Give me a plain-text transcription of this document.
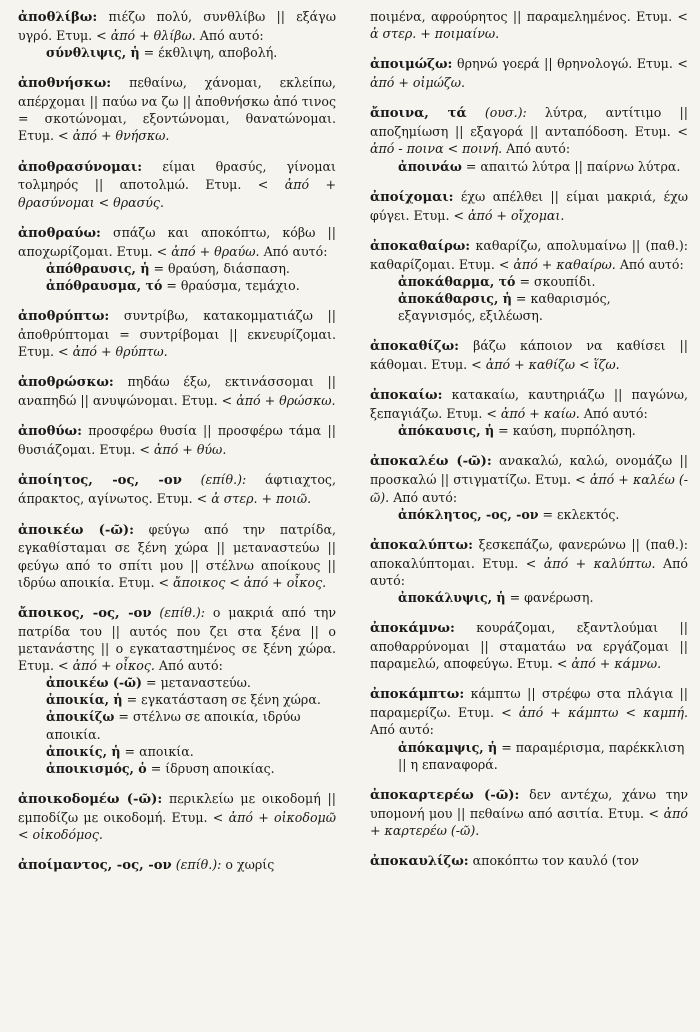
ἀποθλίβω: πιέζω πολύ, συνθλίβω || εξάγω υγρό. Ετυμ. < ἀπό + θλίβω. Από αυτό:
σύνθλιψις, ἡ = έκθλιψη, αποβολή.
ἀποθνήσκω: πεθαίνω, χάνομαι, εκλείπω, απέρχομαι || παύω να ζω || ἀποθνήσκω ἀπό τινος = σκοτώνομαι, εξοντώνομαι, θανατώνομαι. Ετυμ. < ἀπό + θνήσκω.
ἀποθρασύνομαι: είμαι θρασύς, γίνομαι τολμηρός || αποτολμώ. Ετυμ. < ἀπό + θρασύνομαι < θρασύς.
ἀποθραύω: σπάζω και αποκόπτω, κόβω || αποχωρίζομαι. Ετυμ. < ἀπό + θραύω. Από αυτό:
ἀπόθραυσις, ἡ = θραύση, διάσπαση.
ἀπόθραυσμα, τό = θραύσμα, τεμάχιο.
ἀποθρύπτω: συντρίβω, κατακομματιάζω || ἀποθρύπτομαι = συντρίβομαι || εκνευρίζομαι. Ετυμ. < ἀπό + θρύπτω.
ἀποθρώσκω: πηδάω έξω, εκτινάσσομαι || αναπηδώ || ανυψώνομαι. Ετυμ. < ἀπό + θρώσκω.
ἀποθύω: προσφέρω θυσία || προσφέρω τάμα || θυσιάζομαι. Ετυμ. < ἀπό + θύω.
ἀποίητος, -ος, -ον (επίθ.): άφτιαχτος, άπρακτος, αγίνωτος. Ετυμ. < ἀ στερ. + ποιῶ.
ἀποικέω (-ῶ): φεύγω από την πατρίδα, εγκαθίσταμαι σε ξένη χώρα || μεταναστεύω || φεύγω από το σπίτι μου || στέλνω αποίκους || ιδρύω αποικία. Ετυμ. < ἄποικος < ἀπό + οἶκος.
ἄποικος, -ος, -ον (επίθ.): ο μακριά από την πατρίδα του || αυτός που ζει στα ξένα || ο μετανάστης || ο εγκαταστημένος σε ξένη χώρα. Ετυμ. < ἀπό + οἶκος. Από αυτό:
ἀποικέω (-ῶ) = μεταναστεύω.
ἀποικία, ἡ = εγκατάσταση σε ξένη χώρα.
ἀποικίζω = στέλνω σε αποικία, ιδρύω αποικία.
ἀποικίς, ἡ = αποικία.
ἀποικισμός, ὁ = ίδρυση αποικίας.
ἀποικοδομέω (-ῶ): περικλείω με οικοδομή || εμποδίζω με οικοδομή. Ετυμ. < ἀπό + οἰκοδομῶ < οἰκοδόμος.
ἀποίμαντος, -ος, -ον (επίθ.): ο χωρίς
ποιμένα, αφρούρητος || παραμελημένος. Ετυμ. < ἀ στερ. + ποιμαίνω.
ἀποιμώζω: θρηνώ γοερά || θρηνολογώ. Ετυμ. < ἀπό + οἰμώζω.
ἄποινα, τά (ουσ.): λύτρα, αντίτιμο || αποζημίωση || εξαγορά || ανταπόδοση. Ετυμ. < ἀπό - ποινα < ποινή. Από αυτό:
ἀποινάω = απαιτώ λύτρα || παίρνω λύτρα.
ἀποίχομαι: έχω απέλθει || είμαι μακριά, έχω φύγει. Ετυμ. < ἀπό + οἴχομαι.
ἀποκαθαίρω: καθαρίζω, απολυμαίνω || (παθ.): καθαρίζομαι. Ετυμ. < ἀπό + καθαίρω. Από αυτό:
ἀποκάθαρμα, τό = σκουπίδι.
ἀποκάθαρσις, ἡ = καθαρισμός, εξαγνισμός, εξιλέωση.
ἀποκαθίζω: βάζω κάποιον να καθίσει || κάθομαι. Ετυμ. < ἀπό + καθίζω < ἵζω.
ἀποκαίω: κατακαίω, καυτηριάζω || παγώνω, ξεπαγιάζω. Ετυμ. < ἀπό + καίω. Από αυτό:
ἀπόκαυσις, ἡ = καύση, πυρπόληση.
ἀποκαλέω (-ῶ): ανακαλώ, καλώ, ονομάζω || προσκαλώ || στιγματίζω. Ετυμ. < ἀπό + καλέω (-ῶ). Από αυτό:
ἀπόκλητος, -ος, -ον = εκλεκτός.
ἀποκαλύπτω: ξεσκεπάζω, φανερώνω || (παθ.): αποκαλύπτομαι. Ετυμ. < ἀπό + καλύπτω. Από αυτό:
ἀποκάλυψις, ἡ = φανέρωση.
ἀποκάμνω: κουράζομαι, εξαντλούμαι || αποθαρρύνομαι || σταματάω να εργάζομαι || παραμελώ, αποφεύγω. Ετυμ. < ἀπό + κάμνω.
ἀποκάμπτω: κάμπτω || στρέφω στα πλάγια || παραμερίζω. Ετυμ. < ἀπό + κάμπτω < καμπή. Από αυτό:
ἀπόκαμψις, ἡ = παραμέρισμα, παρέκκλιση || η επαναφορά.
ἀποκαρτερέω (-ῶ): δεν αντέχω, χάνω την υπομονή μου || πεθαίνω από ασιτία. Ετυμ. < ἀπό + καρτερέω (-ῶ).
ἀποκαυλίζω: αποκόπτω τον καυλό (τον
